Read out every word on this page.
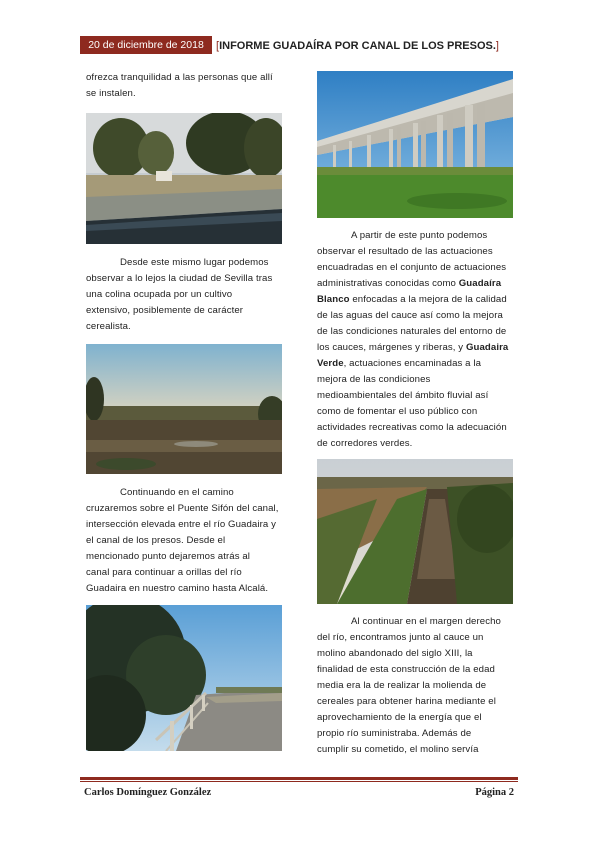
20 de diciembre de 2018	[INFORME GUADAÍRA POR CANAL DE LOS PRESOS.]
ofrezca tranquilidad a las personas que allí
se instalen.
Desde este mismo lugar podemos
observar a lo lejos la ciudad de Sevilla tras
una colina ocupada por un cultivo
extensivo, posiblemente de carácter
cerealista.
Continuando en el camino
cruzaremos sobre el Puente Sifón del canal,
intersección elevada entre el río Guadaira y
el canal de los presos. Desde el
mencionado punto dejaremos atrás al
canal para continuar a orillas del río
Guadaira en nuestro camino hasta Alcalá.
A partir de este punto podemos
observar el resultado de las actuaciones
encuadradas en el conjunto de actuaciones
administrativas conocidas como Guadaíra
Blanco enfocadas a la mejora de la calidad
de las aguas del cauce así como la mejora
de las condiciones naturales del entorno de
los cauces, márgenes y riberas, y Guadaira
Verde, actuaciones encaminadas a la
mejora de las condiciones
medioambientales del ámbito fluvial así
como de fomentar el uso público con
actividades recreativas como la adecuación
de corredores verdes.
Al continuar en el margen derecho
del río, encontramos junto al cauce un
molino abandonado del siglo XIII, la
finalidad de esta construcción de la edad
media era la de realizar la molienda de
cereales para obtener harina mediante el
aprovechamiento de la energía que el
propio río suministraba. Además de
cumplir su cometido, el molino servía
Carlos Domínguez González	Página 2
